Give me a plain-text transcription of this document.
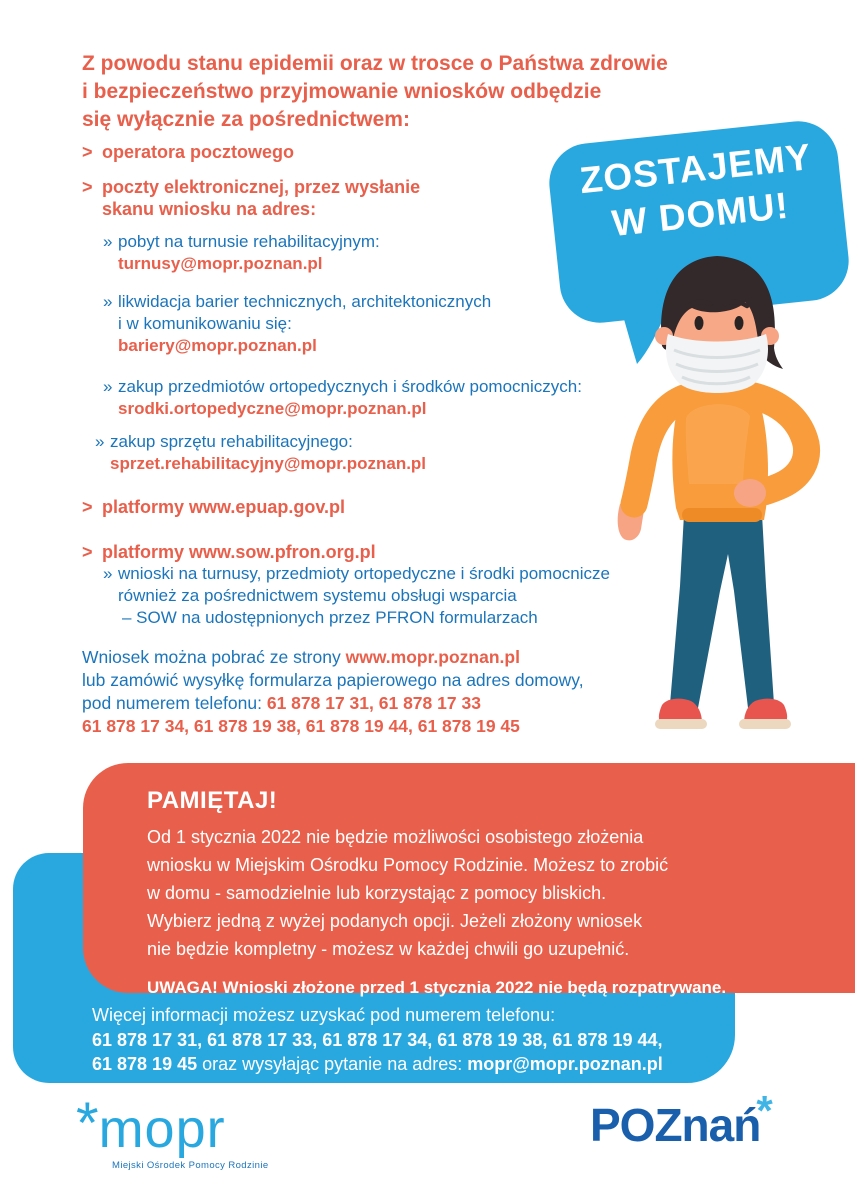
Z powodu stanu epidemii oraz w trosce o Państwa zdrowie
i bezpieczeństwo przyjmowanie wniosków odbędzie
się wyłącznie za pośrednictwem:
> operatora pocztowego
> poczty elektronicznej, przez wysłanie
skanu wniosku na adres:
» pobyt na turnusie rehabilitacyjnym:
turnusy@mopr.poznan.pl
» likwidacja barier technicznych, architektonicznych
i w komunikowaniu się:
bariery@mopr.poznan.pl
» zakup przedmiotów ortopedycznych i środków pomocniczych:
srodki.ortopedyczne@mopr.poznan.pl
» zakup sprzętu rehabilitacyjnego:
sprzet.rehabilitacyjny@mopr.poznan.pl
> platformy www.epuap.gov.pl
> platformy www.sow.pfron.org.pl
» wnioski na turnusy, przedmioty ortopedyczne i środki pomocnicze
również za pośrednictwem systemu obsługi wsparcia
– SOW na udostępnionych przez PFRON formularzach
Wniosek można pobrać ze strony www.mopr.poznan.pl
lub zamówić wysyłkę formularza papierowego na adres domowy,
pod numerem telefonu: 61 878 17 31, 61 878 17 33
61 878 17 34, 61 878 19 38, 61 878 19 44, 61 878 19 45
ZOSTAJEMY
W DOMU!
PAMIĘTAJ!
Od 1 stycznia 2022 nie będzie możliwości osobistego złożenia
wniosku w Miejskim Ośrodku Pomocy Rodzinie. Możesz to zrobić
w domu - samodzielnie lub korzystając z pomocy bliskich.
Wybierz jedną z wyżej podanych opcji. Jeżeli złożony wniosek
nie będzie kompletny - możesz w każdej chwili go uzupełnić.
UWAGA! Wnioski złożone przed 1 stycznia 2022 nie będą rozpatrywane.
Więcej informacji możesz uzyskać pod numerem telefonu:
61 878 17 31, 61 878 17 33, 61 878 17 34, 61 878 19 38, 61 878 19 44,
61 878 19 45 oraz wysyłając pytanie na adres: mopr@mopr.poznan.pl
* mopr
Miejski Ośrodek Pomocy Rodzinie
POZnań*
